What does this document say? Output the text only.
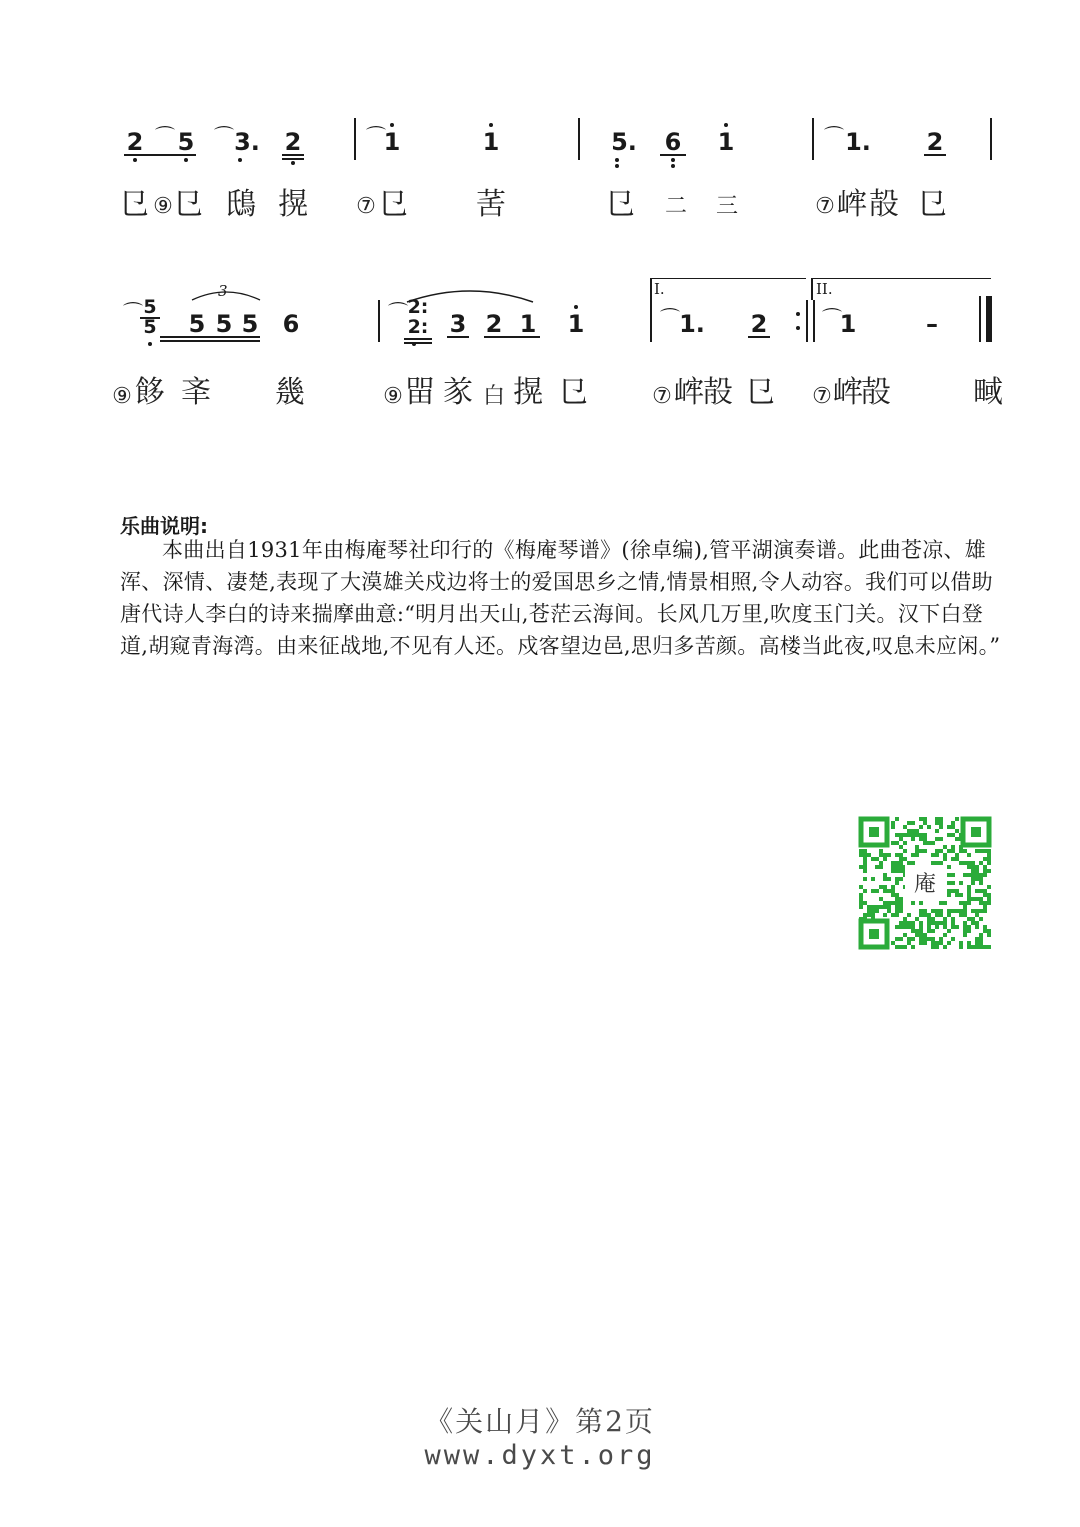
2 ⌒ 5 ⌒ 3. 2	⌒
1	1	5. 6 1	⌒ 1. 2
㔾 ⑨ 㔾 䲭 㨪 ⑦ 㔾 䒷	㔾 二 三	⑦ 㟉 㱿 㔾
I.	II.
3
⌒ 5
5 5 5 5 6	⌒ 2:
2: 3 2 1 1	⌒ 1. 2	⌒
1	–
⑨ 䬷 㪯 㡬	⑨ 㽞 㒸 白 㨪 㔾	⑦ 㟉 㱿 㔾 ⑦ 㟉
㱿	㽣
乐曲说明:
本曲出自1931年由梅庵琴社印行的《梅庵琴谱》(徐卓编),管平湖演奏谱。此曲苍凉、雄浑、深情、凄楚,表现了大漠雄关戍边将士的爱国思乡之情,情景相照,令人动容。我们可以借助唐代诗人李白的诗来揣摩曲意:“明月出天山,苍茫云海间。长风几万里,吹度玉门关。汉下白登道,胡窥青海湾。由来征战地,不见有人还。戍客望边邑,思归多苦颜。高楼当此夜,叹息未应闲。”
庵
《关山月》第2页
www.dyxt.org
